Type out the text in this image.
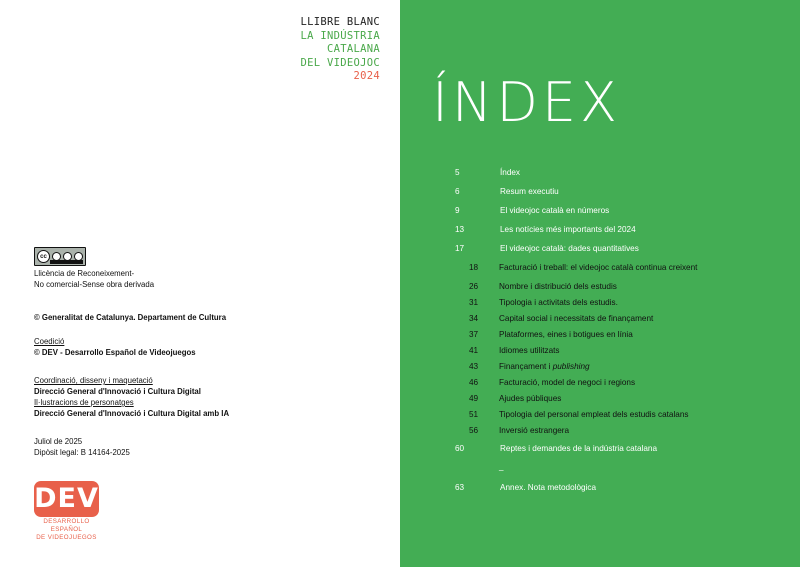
LLIBRE BLANC
LA INDÚSTRIA
CATALANA
DEL VIDEOJOC
2024
cc
Llicència de Reconeixement-
No comercial-Sense obra derivada
© Generalitat de Catalunya. Departament de Cultura
Coedició
© DEV - Desarrollo Español de Videojuegos
Coordinació, disseny i maquetació
Direcció General d'Innovació i Cultura Digital
Il·lustracions de personatges
Direcció General d'Innovació i Cultura Digital amb IA
Juliol de 2025
Dipòsit legal: B 14164-2025
DEV
DESARROLLO ESPAÑOL
DE VIDEOJUEGOS
ÍNDEX
5	Índex
6	Resum executiu
9	El videojoc català en números
13	Les notícies més importants del 2024
17	El videojoc català: dades quantitatives
18	Facturació i treball: el videojoc català continua creixent
26	Nombre i distribució dels estudis
31	Tipologia i activitats dels estudis.
34	Capital social i necessitats de finançament
37	Plataformes, eines i botigues en línia
41	Idiomes utilitzats
43	Finançament i publishing
46	Facturació, model de negoci i regions
49	Ajudes públiques
51	Tipologia del personal empleat dels estudis catalans
56	Inversió estrangera
60	Reptes i demandes de la indústria catalana
63	Annex. Nota metodològica
_
